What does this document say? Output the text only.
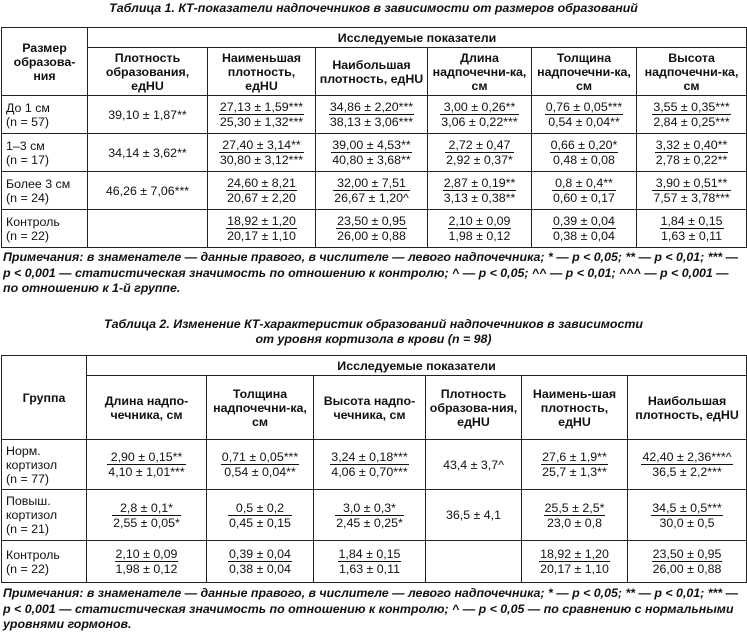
Таблица 1. КТ-показатели надпочечников в зависимости от размеров образований

Размер образова-ния	Исследуемые показатели					
	Плотность образования, едHU	Наименьшая плотность, едHU	Наибольшая плотность, едHU	Длина надпочечни-ка, см	Толщина надпочечни-ка, см	Высота надпочечни-ка, см
До 1 см
(n = 57)	39,10 ± 1,87**	$\frac{27,13 \pm 1,59***}{25,30 \pm 1,32***}$	$\frac{34,86 \pm 2,20***}{38,13 \pm 3,06***}$	$\frac{3,00 \pm 0,26**}{3,06 \pm 0,22***}$	$\frac{0,76 \pm 0,05***}{0,54 \pm 0,04**}$	$\frac{3,55 \pm 0,35***}{2,84 \pm 0,25***}$

1–3 см
(n = 17)	34,14 ± 3,62**	$\frac{27,40 \pm 3,14**}{30,80 \pm 3,12***}$	$\frac{39,00 \pm 4,53**}{40,80 \pm 3,68**}$	$\frac{2,72 \pm 0,47}{2,92 \pm 0,37*}$	$\frac{0,66 \pm 0,20*}{0,48 \pm 0,08}$	$\frac{3,32 \pm 0,40**}{2,78 \pm 0,22**}$

Более 3 см
(n = 24)	46,26 ± 7,06***	$\frac{24,60 \pm 8,21}{20,67 \pm 2,20}$	$\frac{32,00 \pm 7,51}{26,67 \pm 1,20\^{}}$	$\frac{2,87 \pm 0,19**}{3,13 \pm 0,38**}$	$\frac{0,8 \pm 0,4**}{0,60 \pm 0,17}$	$\frac{3,90 \pm 0,51**}{7,57 \pm 3,78***}$

Контроль
(n = 22)		$\frac{18,92 \pm 1,20}{20,17 \pm 1,10}$	$\frac{23,50 \pm 0,95}{26,00 \pm 0,88}$	$\frac{2,10 \pm 0,09}{1,98 \pm 0,12}$	$\frac{0,39 \pm 0,04}{0,38 \pm 0,04}$	$\frac{1,84 \pm 0,15}{1,63 \pm 0,11}$

Примечания: в знаменателе — данные правого, в числителе — левого надпочечника; * — p < 0,05; ** — p < 0,01; *** — p < 0,001 — статистическая значимость по отношению к контролю; ^ — p < 0,05; ^^ — p < 0,01; ^^^ — p < 0,001 — по отношению к 1-й группе.

Таблица 2. Изменение КТ-характеристик образований надпочечников в зависимости
от уровня кортизола в крови (n = 98)
Группа	Исследуемые показатели					
	Длина надпо-чечника, см	Толщина надпочечни-ка, см	Высота надпо-чечника, см	Плотность образова-ния, едHU	Наимень-шая плотность, едHU	Наибольшая плотность, едHU
Норм. кортизол
(n = 77)	$\frac{2,90 \pm 0,15**}{4,10 \pm 1,01***}$	$\frac{0,71 \pm 0,05***}{0,54 \pm 0,04**}$	$\frac{3,24 \pm 0,18***}{4,06 \pm 0,70***}$	43,4 ± 3,7^	$\frac{27,6 \pm 1,9**}{25,7 \pm 1,3**}$	$\frac{42,40 \pm 2,36***\^{}}{36,5 \pm 2,2***}$

Повыш. кортизол
(n = 21)	$\frac{2,8 \pm 0,1*}{2,55 \pm 0,05*}$	$\frac{0,5 \pm 0,2}{0,45 \pm 0,15}$	$\frac{3,0 \pm 0,3*}{2,45 \pm 0,25*}$	36,5 ± 4,1	$\frac{25,5 \pm 2,5*}{23,0 \pm 0,8}$	$\frac{34,5 \pm 0,5***}{30,0 \pm 0,5}$

Контроль
(n = 22)	$\frac{2,10 \pm 0,09}{1,98 \pm 0,12}$	$\frac{0,39 \pm 0,04}{0,38 \pm 0,04}$	$\frac{1,84 \pm 0,15}{1,63 \pm 0,11}$		$\frac{18,92 \pm 1,20}{20,17 \pm 1,10}$	$\frac{23,50 \pm 0,95}{26,00 \pm 0,88}$

Примечания: в знаменателе — данные правого, в числителе — левого надпочечника; * — p < 0,05; ** — p < 0,01; *** — p < 0,001 — статистическая значимость по отношению к контролю; ^ — p < 0,05 — по сравнению с нормальными уровнями гормонов.
